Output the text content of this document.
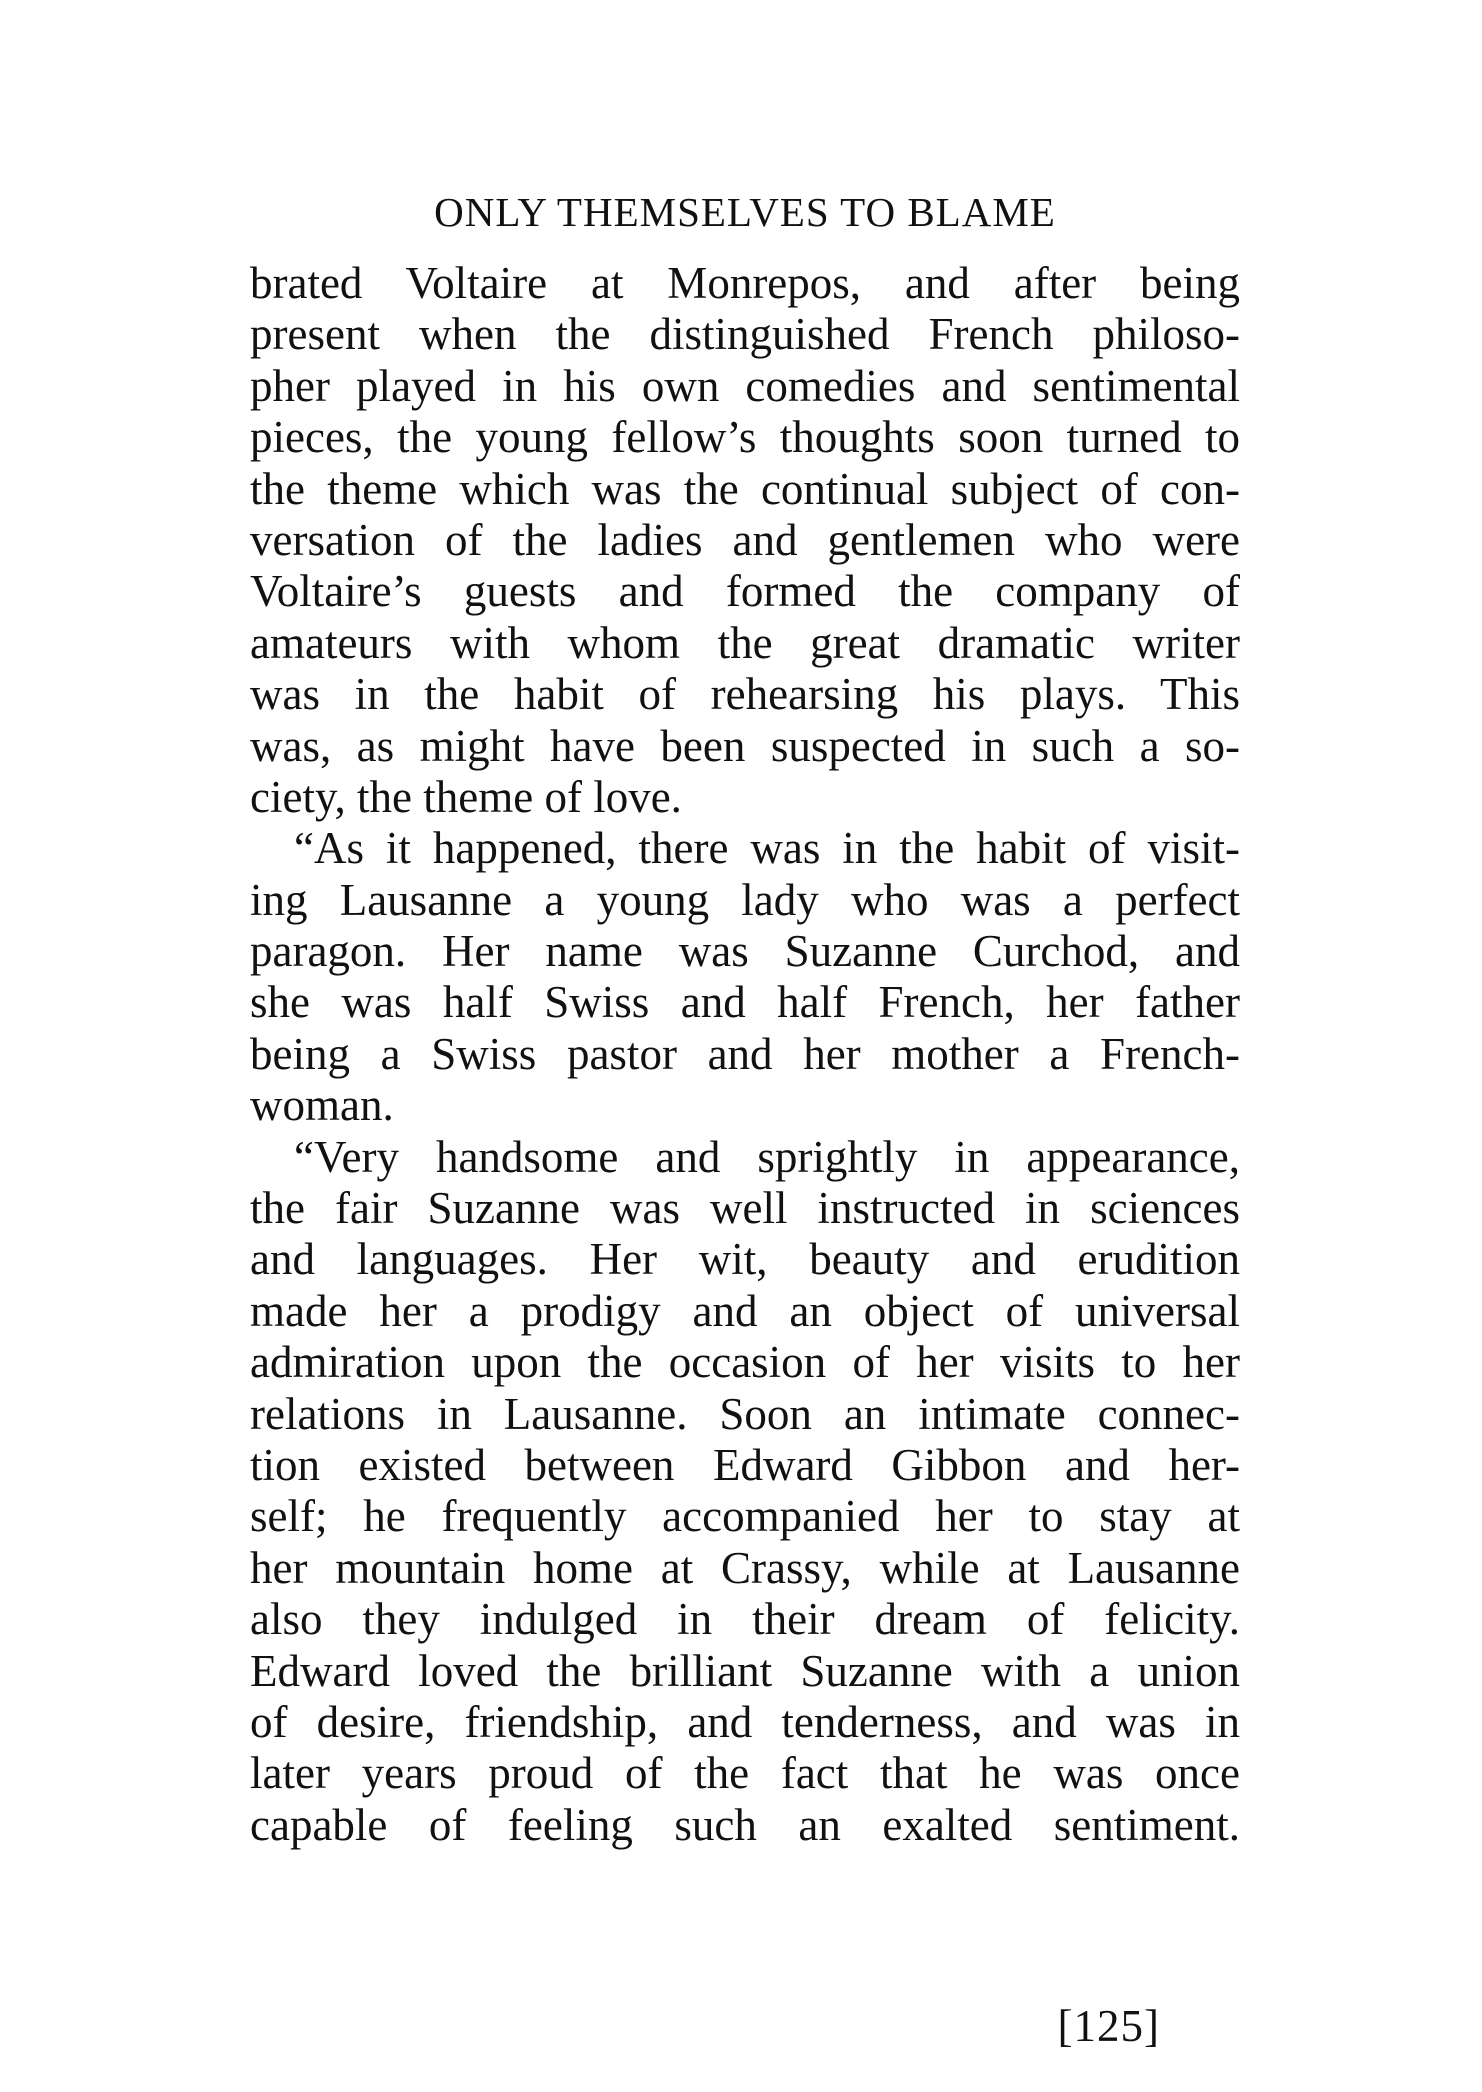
ONLY THEMSELVES TO BLAME
brated Voltaire at Monrepos, and after being
present when the distinguished French philoso-
pher played in his own comedies and sentimental
pieces, the young fellow’s thoughts soon turned to
the theme which was the continual subject of con-
versation of the ladies and gentlemen who were
Voltaire’s guests and formed the company of
amateurs with whom the great dramatic writer
was in the habit of rehearsing his plays. This
was, as might have been suspected in such a so-
ciety, the theme of love.
“As it happened, there was in the habit of visit-
ing Lausanne a young lady who was a perfect
paragon. Her name was Suzanne Curchod, and
she was half Swiss and half French, her father
being a Swiss pastor and her mother a French-
woman.
“Very handsome and sprightly in appearance,
the fair Suzanne was well instructed in sciences
and languages. Her wit, beauty and erudition
made her a prodigy and an object of universal
admiration upon the occasion of her visits to her
relations in Lausanne. Soon an intimate connec-
tion existed between Edward Gibbon and her-
self; he frequently accompanied her to stay at
her mountain home at Crassy, while at Lausanne
also they indulged in their dream of felicity.
Edward loved the brilliant Suzanne with a union
of desire, friendship, and tenderness, and was in
later years proud of the fact that he was once
capable of feeling such an exalted sentiment.
[125]
